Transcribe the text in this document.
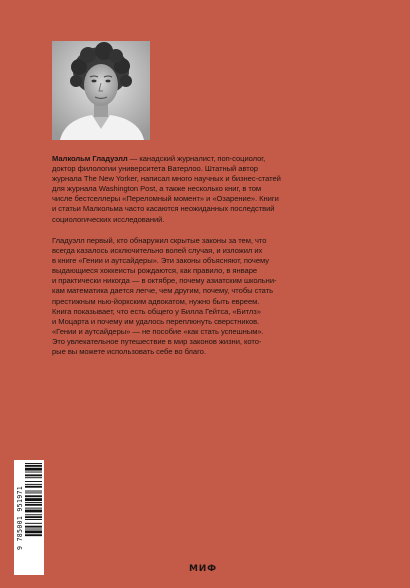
Малкольм Гладуэлл — канадский журналист, поп-социолог,
доктор филологии университета Ватерлоо. Штатный автор
журнала The New Yorker, написал много научных и бизнес-статей
для журнала Washington Post, а также несколько книг, в том
числе бестселлеры «Переломный момент» и «Озарение». Книги
и статьи Малкольма часто касаются неожиданных последствий
социологических исследований.
Гладуэлл первый, кто обнаружил скрытые законы за тем, что
всегда казалось исключительно волей случая, и изложил их
в книге «Гении и аутсайдеры». Эти законы объясняют, почему
выдающиеся хоккеисты рождаются, как правило, в январе
и практически никогда — в октябре, почему азиатским школьни-
кам математика дается легче, чем другим, почему, чтобы стать
престижным нью-йоркским адвокатом, нужно быть евреем.
Книга показывает, что есть общего у Билла Гейтса, «Битлз»
и Моцарта и почему им удалось переплюнуть сверстников.
«Гении и аутсайдеры» — не пособие «как стать успешным».
Это увлекательное путешествие в мир законов жизни, кото-
рые вы можете использовать себе во благо.
9 785001 951971
МИФ
